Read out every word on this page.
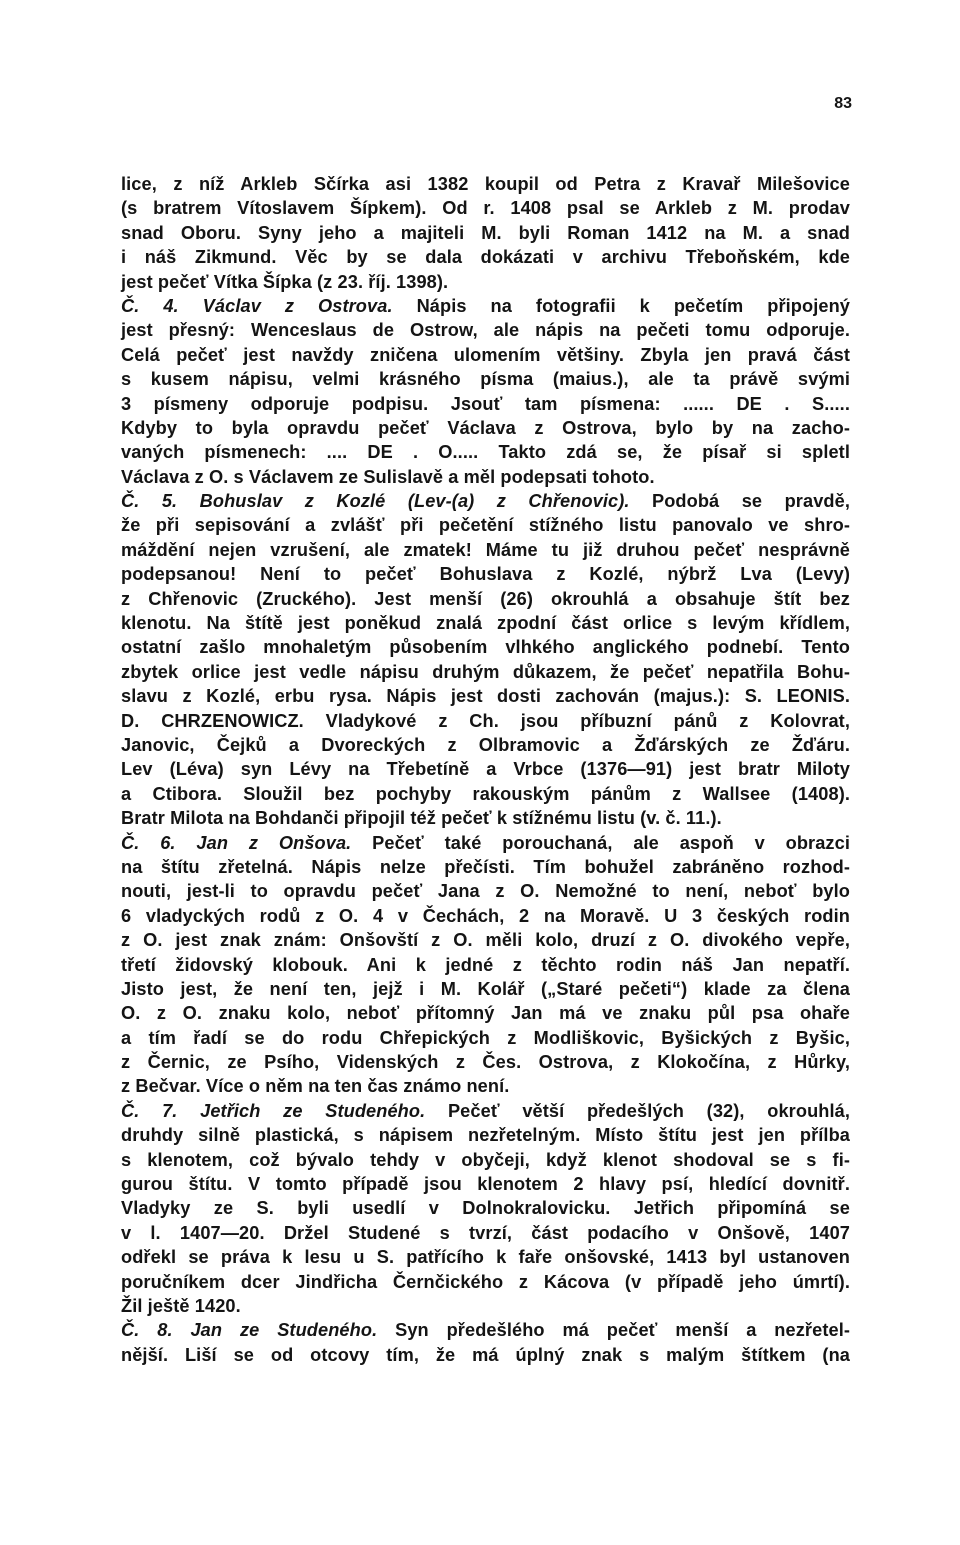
83
lice, z níž Arkleb Sčírka asi 1382 koupil od Petra z Kravař Milešovice
(s bratrem Vítoslavem Šípkem). Od r. 1408 psal se Arkleb z M. prodav
snad Oboru. Syny jeho a majiteli M. byli Roman 1412 na M. a snad
i náš Zikmund. Věc by se dala dokázati v archivu Třeboňském, kde
jest pečeť Vítka Šípka (z 23. říj. 1398).
Č. 4. Václav z Ostrova. Nápis na fotografii k pečetím připojený
jest přesný: Wenceslaus de Ostrow, ale nápis na pečeti tomu odporuje.
Celá pečeť jest navždy zničena ulomením většiny. Zbyla jen pravá část
s kusem nápisu, velmi krásného písma (maius.), ale ta právě svými
3 písmeny odporuje podpisu. Jsouť tam písmena: ...... DE . S.....
Kdyby to byla opravdu pečeť Václava z Ostrova, bylo by na zacho-
vaných písmenech: .... DE . O..... Takto zdá se, že písař si spletl
Václava z O. s Václavem ze Sulislavě a měl podepsati tohoto.
Č. 5. Bohuslav z Kozlé (Lev-(a) z Chřenovic). Podobá se pravdě,
že při sepisování a zvlášť při pečetění stížného listu panovalo ve shro-
máždění nejen vzrušení, ale zmatek! Máme tu již druhou pečeť nesprávně
podepsanou! Není to pečeť Bohuslava z Kozlé, nýbrž Lva (Levy)
z Chřenovic (Zruckého). Jest menší (26) okrouhlá a obsahuje štít bez
klenotu. Na štítě jest poněkud znalá zpodní část orlice s levým křídlem,
ostatní zašlo mnohaletým působením vlhkého anglického podnebí. Tento
zbytek orlice jest vedle nápisu druhým důkazem, že pečeť nepatřila Bohu-
slavu z Kozlé, erbu rysa. Nápis jest dosti zachován (majus.): S. LEONIS.
D. CHRZENOWICZ. Vladykové z Ch. jsou příbuzní pánů z Kolovrat,
Janovic, Čejků a Dvoreckých z Olbramovic a Žďárských ze Žďáru.
Lev (Léva) syn Lévy na Třebetíně a Vrbce (1376—91) jest bratr Miloty
a Ctibora. Sloužil bez pochyby rakouským pánům z Wallsee (1408).
Bratr Milota na Bohdanči připojil též pečeť k stížnému listu (v. č. 11.).
Č. 6. Jan z Onšova. Pečeť také porouchaná, ale aspoň v obrazci
na štítu zřetelná. Nápis nelze přečísti. Tím bohužel zabráněno rozhod-
nouti, jest-li to opravdu pečeť Jana z O. Nemožné to není, neboť bylo
6 vladyckých rodů z O. 4 v Čechách, 2 na Moravě. U 3 českých rodin
z O. jest znak znám: Onšovští z O. měli kolo, druzí z O. divokého vepře,
třetí židovský klobouk. Ani k jedné z těchto rodin náš Jan nepatří.
Jisto jest, že není ten, jejž i M. Kolář („Staré pečeti“) klade za člena
O. z O. znaku kolo, neboť přítomný Jan má ve znaku půl psa ohaře
a tím řadí se do rodu Chřepických z Modliškovic, Byšických z Byšic,
z Černic, ze Psího, Videnských z Čes. Ostrova, z Klokočína, z Hůrky,
z Bečvar. Více o něm na ten čas známo není.
Č. 7. Jetřich ze Studeného. Pečeť větší předešlých (32), okrouhlá,
druhdy silně plastická, s nápisem nezřetelným. Místo štítu jest jen přílba
s klenotem, což bývalo tehdy v obyčeji, když klenot shodoval se s fi-
gurou štítu. V tomto případě jsou klenotem 2 hlavy psí, hledící dovnitř.
Vladyky ze S. byli usedlí v Dolnokralovicku. Jetřich připomíná se
v l. 1407—20. Držel Studené s tvrzí, část podacího v Onšově, 1407
odřekl se práva k lesu u S. patřícího k faře onšovské, 1413 byl ustanoven
poručníkem dcer Jindřicha Černčického z Kácova (v případě jeho úmrtí).
Žil ještě 1420.
Č. 8. Jan ze Studeného. Syn předešlého má pečeť menší a nezřetel-
nější. Liší se od otcovy tím, že má úplný znak s malým štítkem (na
